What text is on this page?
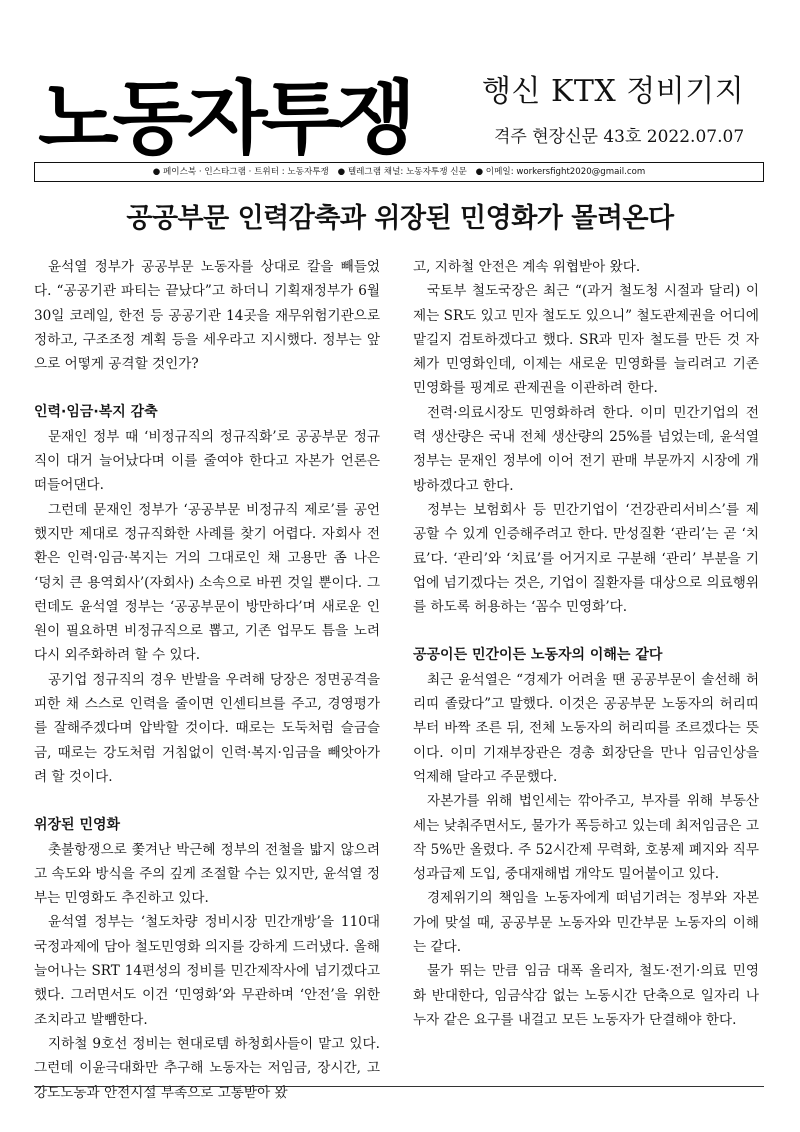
노동자투쟁 행신 KTX 정비기지
격주 현장신문 43호 2022.07.07
● 페이스북 · 인스타그램 · 트위터 : 노동자투쟁 ● 텔레그램 채널: 노동자투쟁 신문 ● 이메일: workersfight2020@gmail.com
공공부문 인력감축과 위장된 민영화가 몰려온다

윤석열 정부가 공공부문 노동자를 상대로 칼을 빼들었다. “공공기관 파티는 끝났다”고 하더니 기획재정부가 6월 30일 코레일, 한전 등 공공기관 14곳을 재무위험기관으로 정하고, 구조조정 계획 등을 세우라고 지시했다. 정부는 앞으로 어떻게 공격할 것인가?

인력·임금·복지 감축

문재인 정부 때 ‘비정규직의 정규직화’로 공공부문 정규직이 대거 늘어났다며 이를 줄여야 한다고 자본가 언론은 떠들어댄다.

그런데 문재인 정부가 ‘공공부문 비정규직 제로’를 공언했지만 제대로 정규직화한 사례를 찾기 어렵다. 자회사 전환은 인력·임금·복지는 거의 그대로인 채 고용만 좀 나은 ‘덩치 큰 용역회사’(자회사) 소속으로 바뀐 것일 뿐이다. 그런데도 윤석열 정부는 ‘공공부문이 방만하다’며 새로운 인원이 필요하면 비정규직으로 뽑고, 기존 업무도 틈을 노려 다시 외주화하려 할 수 있다.

공기업 정규직의 경우 반발을 우려해 당장은 정면공격을 피한 채 스스로 인력을 줄이면 인센티브를 주고, 경영평가를 잘해주겠다며 압박할 것이다. 때로는 도둑처럼 슬금슬금, 때로는 강도처럼 거침없이 인력·복지·임금을 빼앗아가려 할 것이다.

위장된 민영화

촛불항쟁으로 쫓겨난 박근혜 정부의 전철을 밟지 않으려고 속도와 방식을 주의 깊게 조절할 수는 있지만, 윤석열 정부는 민영화도 추진하고 있다.

윤석열 정부는 ‘철도차량 정비시장 민간개방’을 110대 국정과제에 담아 철도민영화 의지를 강하게 드러냈다. 올해 늘어나는 SRT 14편성의 정비를 민간제작사에 넘기겠다고 했다. 그러면서도 이건 ‘민영화’와 무관하며 ‘안전’을 위한 조치라고 발뺌한다.

지하철 9호선 정비는 현대로템 하청회사들이 맡고 있다. 그런데 이윤극대화만 추구해 노동자는 저임금, 장시간, 고강도노동과 안전시설 부족으로 고통받아 왔

고, 지하철 안전은 계속 위협받아 왔다.

국토부 철도국장은 최근 “(과거 철도청 시절과 달리) 이제는 SR도 있고 민자 철도도 있으니” 철도관제권을 어디에 맡길지 검토하겠다고 했다. SR과 민자 철도를 만든 것 자체가 민영화인데, 이제는 새로운 민영화를 늘리려고 기존 민영화를 핑계로 관제권을 이관하려 한다.

전력·의료시장도 민영화하려 한다. 이미 민간기업의 전력 생산량은 국내 전체 생산량의 25%를 넘었는데, 윤석열 정부는 문재인 정부에 이어 전기 판매 부문까지 시장에 개방하겠다고 한다.

정부는 보험회사 등 민간기업이 ‘건강관리서비스’를 제공할 수 있게 인증해주려고 한다. 만성질환 ‘관리’는 곧 ‘치료’다. ‘관리’와 ‘치료’를 어거지로 구분해 ‘관리’ 부분을 기업에 넘기겠다는 것은, 기업이 질환자를 대상으로 의료행위를 하도록 허용하는 ‘꼼수 민영화’다.

공공이든 민간이든 노동자의 이해는 같다

최근 윤석열은 “경제가 어려울 땐 공공부문이 솔선해 허리띠 졸랐다”고 말했다. 이것은 공공부문 노동자의 허리띠부터 바짝 조른 뒤, 전체 노동자의 허리띠를 조르겠다는 뜻이다. 이미 기재부장관은 경총 회장단을 만나 임금인상을 억제해 달라고 주문했다.

자본가를 위해 법인세는 깎아주고, 부자를 위해 부동산세는 낮춰주면서도, 물가가 폭등하고 있는데 최저임금은 고작 5%만 올렸다. 주 52시간제 무력화, 호봉제 폐지와 직무성과급제 도입, 중대재해법 개악도 밀어붙이고 있다.

경제위기의 책임을 노동자에게 떠넘기려는 정부와 자본가에 맞설 때, 공공부문 노동자와 민간부문 노동자의 이해는 같다.

물가 뛰는 만큼 임금 대폭 올리자, 철도·전기·의료 민영화 반대한다, 임금삭감 없는 노동시간 단축으로 일자리 나누자 같은 요구를 내걸고 모든 노동자가 단결해야 한다.
